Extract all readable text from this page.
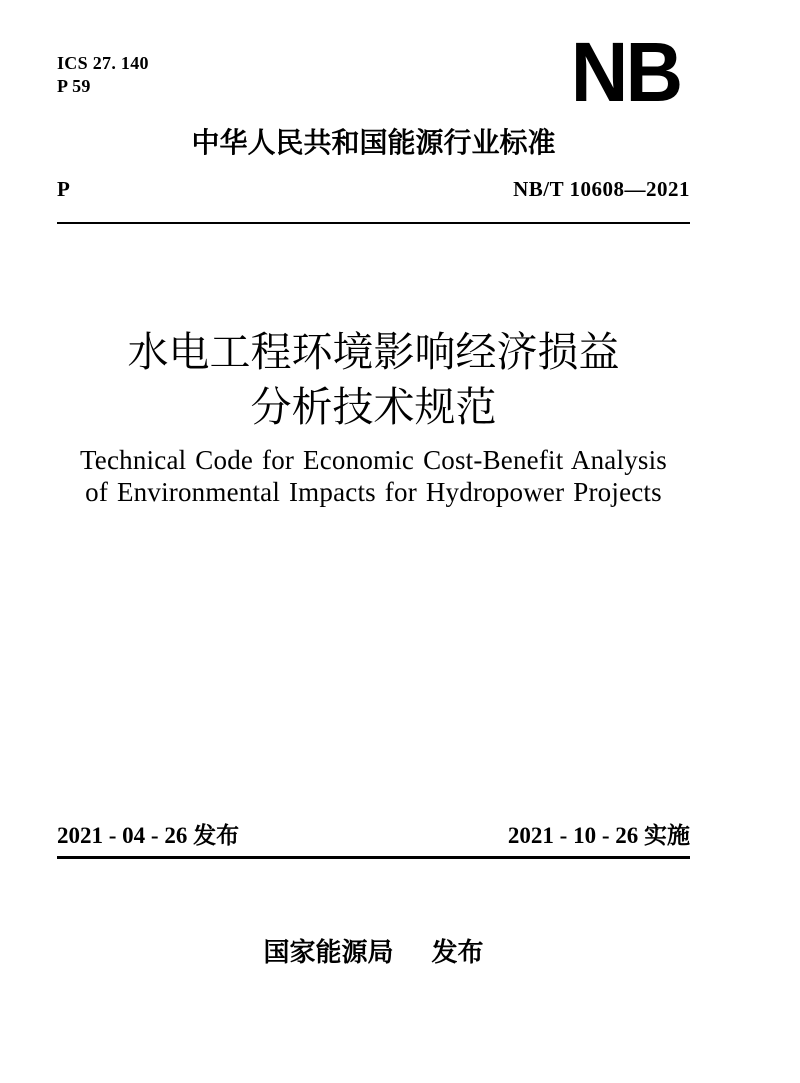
ICS 27. 140
P 59	NB
中华人民共和国能源行业标准
P	NB/T 10608—2021
水电工程环境影响经济损益
分析技术规范
Technical Code for Economic Cost-Benefit Analysis
of Environmental Impacts for Hydropower Projects
2021 - 04 - 26 发布	2021 - 10 - 26 实施
国家能源局 发布
